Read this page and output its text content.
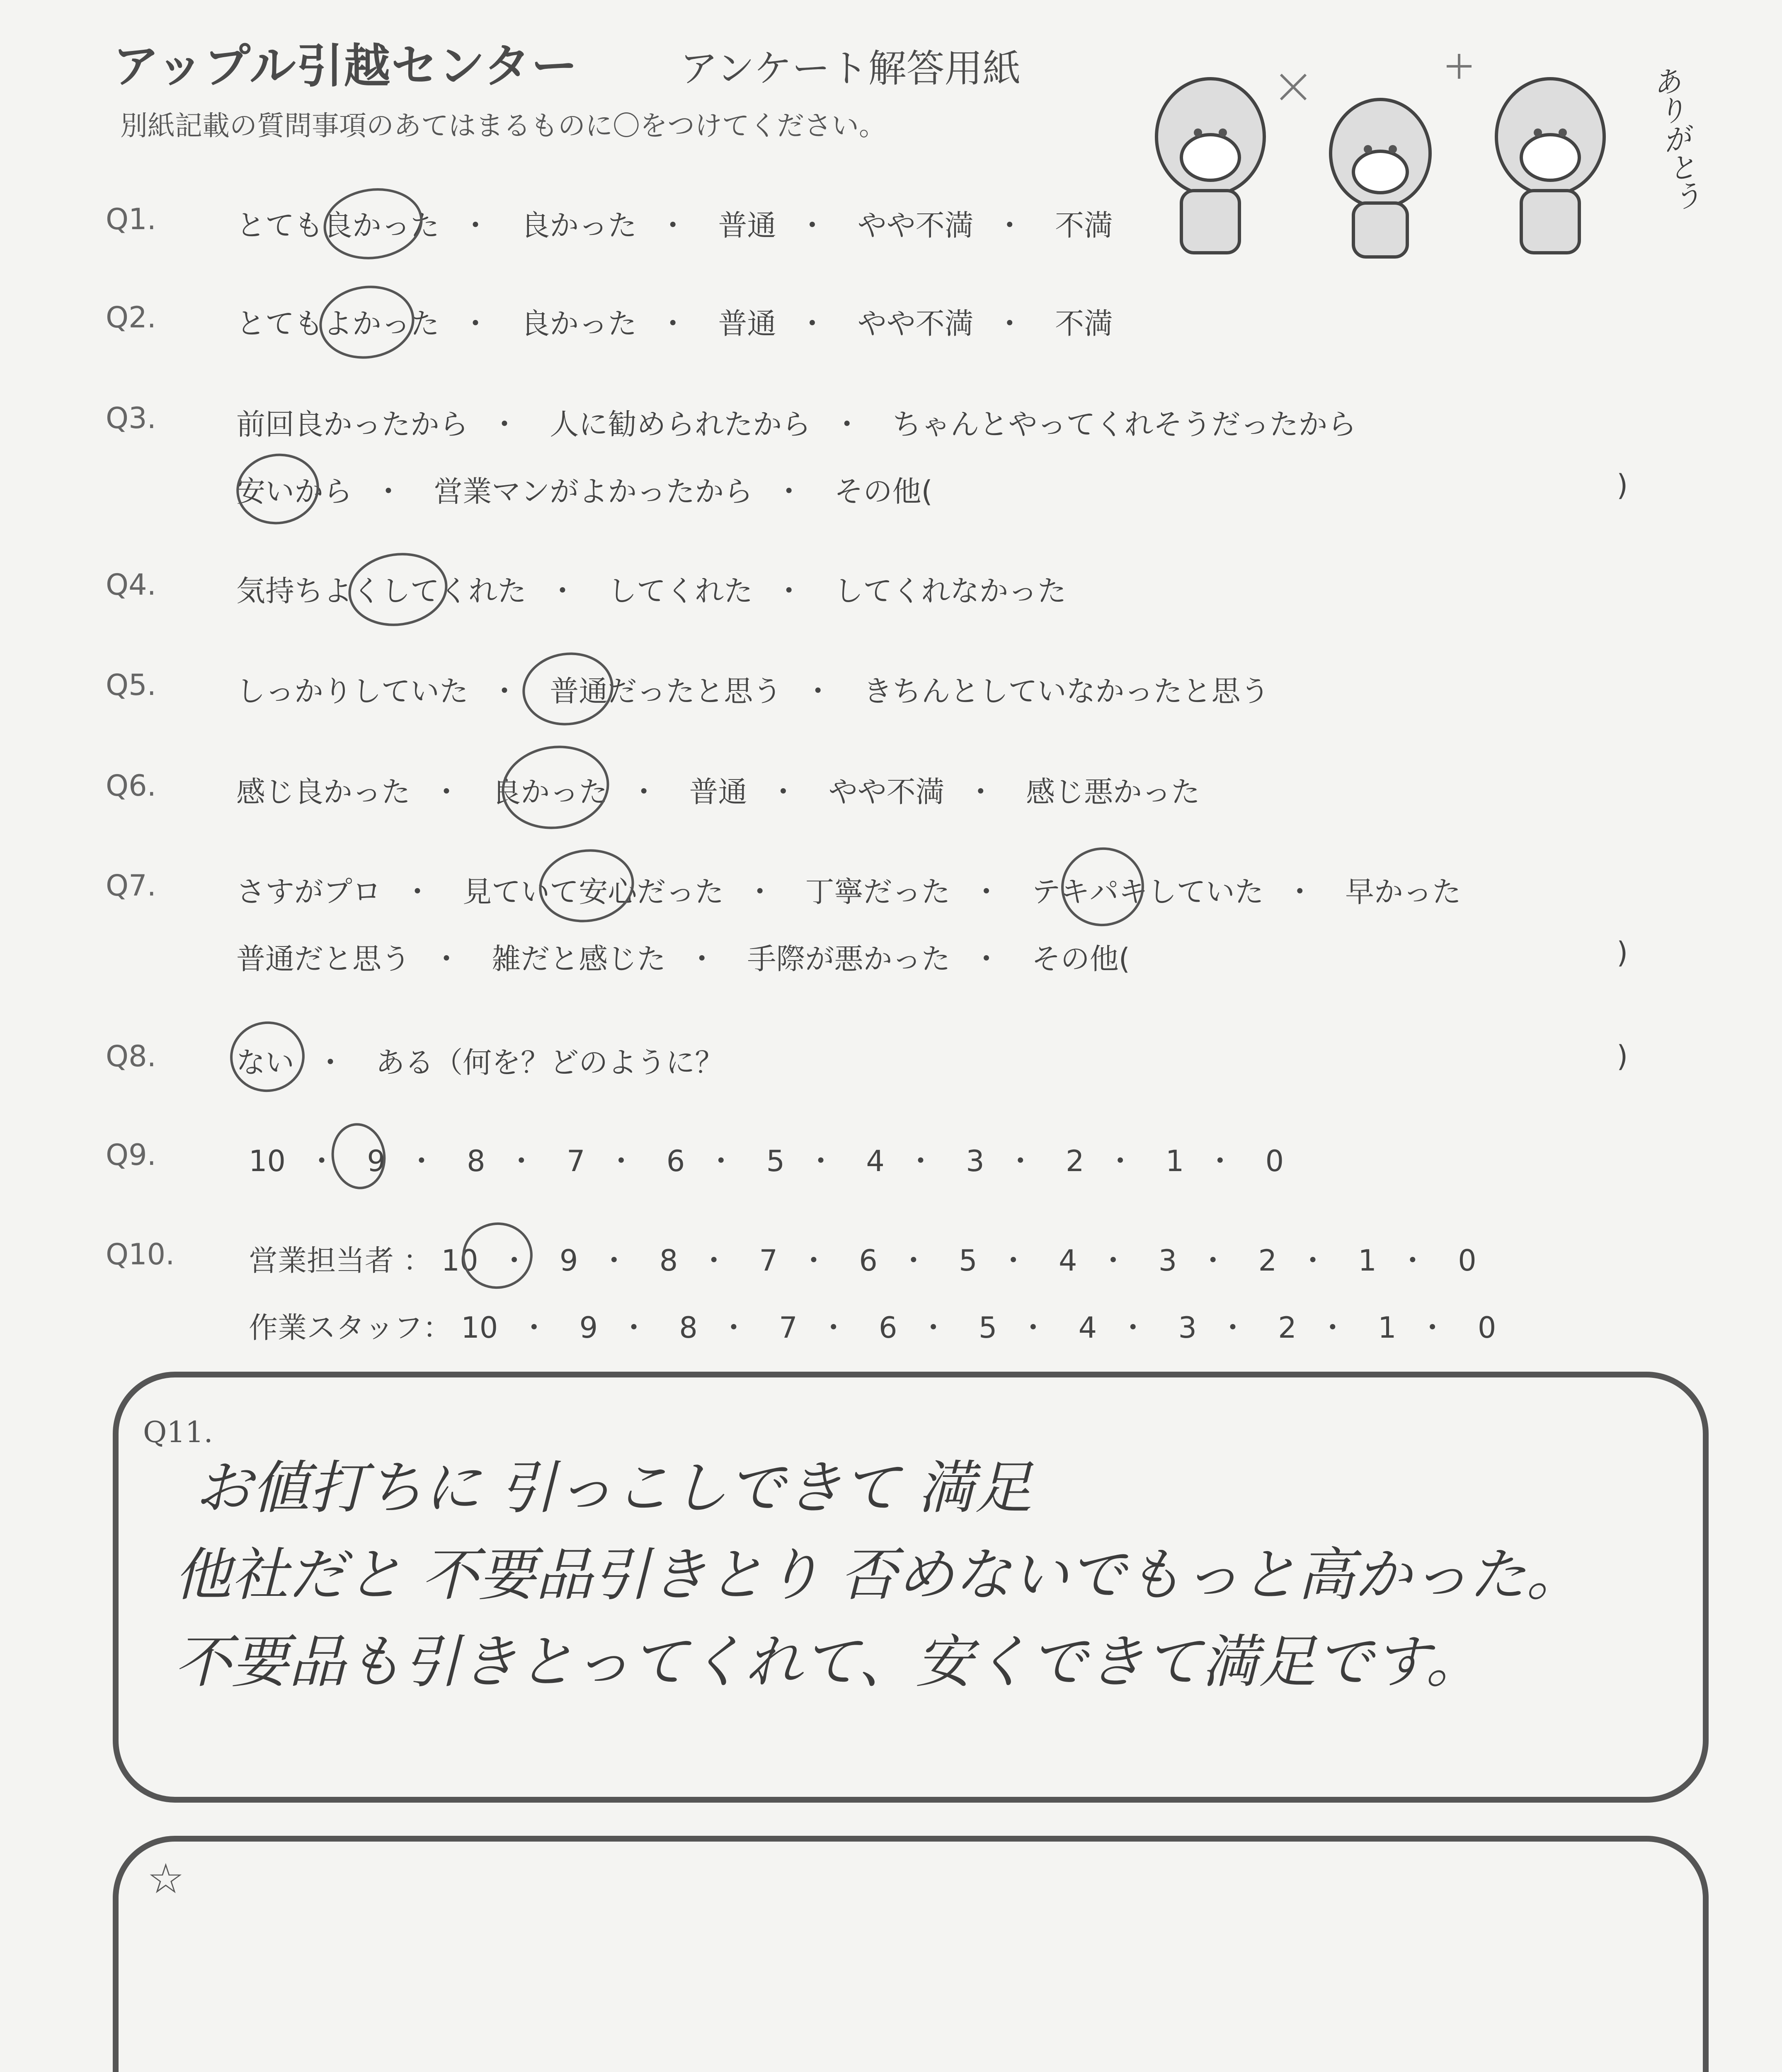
アップル引越センター	アンケート解答用紙
別紙記載の質問事項のあてはまるものに〇をつけてください。	ありがとう
Q1.	とても良かった ・ 良かった ・ 普通 ・ やや不満 ・ 不満
Q2.	とてもよかった ・ 良かった ・ 普通 ・ やや不満 ・ 不満
Q3.	前回良かったから ・ 人に勧められたから ・ ちゃんとやってくれそうだったから
安いから ・ 営業マンがよかったから ・ その他(	)
Q4.	気持ちよくしてくれた ・ してくれた ・ してくれなかった
Q5.	しっかりしていた ・ 普通だったと思う ・ きちんとしていなかったと思う
Q6.	感じ良かった ・ 良かった ・ 普通 ・ やや不満 ・ 感じ悪かった
Q7.	さすがプロ ・ 見ていて安心だった ・ 丁寧だった ・ テキパキしていた ・ 早かった
普通だと思う ・ 雑だと感じた ・ 手際が悪かった ・ その他(	)
Q8.	ない ・ ある（何を？どのように？	)
Q9.	10 ・ 9 ・ 8 ・ 7 ・ 6 ・ 5 ・ 4 ・ 3 ・ 2 ・ 1 ・ 0
Q10.	営業担当者 ： 10 ・ 9 ・ 8 ・ 7 ・ 6 ・ 5 ・ 4 ・ 3 ・ 2 ・ 1 ・ 0
作業スタッフ： 10 ・ 9 ・ 8 ・ 7 ・ 6 ・ 5 ・ 4 ・ 3 ・ 2 ・ 1 ・ 0
Q11.
お値打ちに 引っこしできて 満足
他社だと 不要品引きとり 否めないでもっと高かった。
不要品も引きとってくれて、安くできて満足です。
☆
